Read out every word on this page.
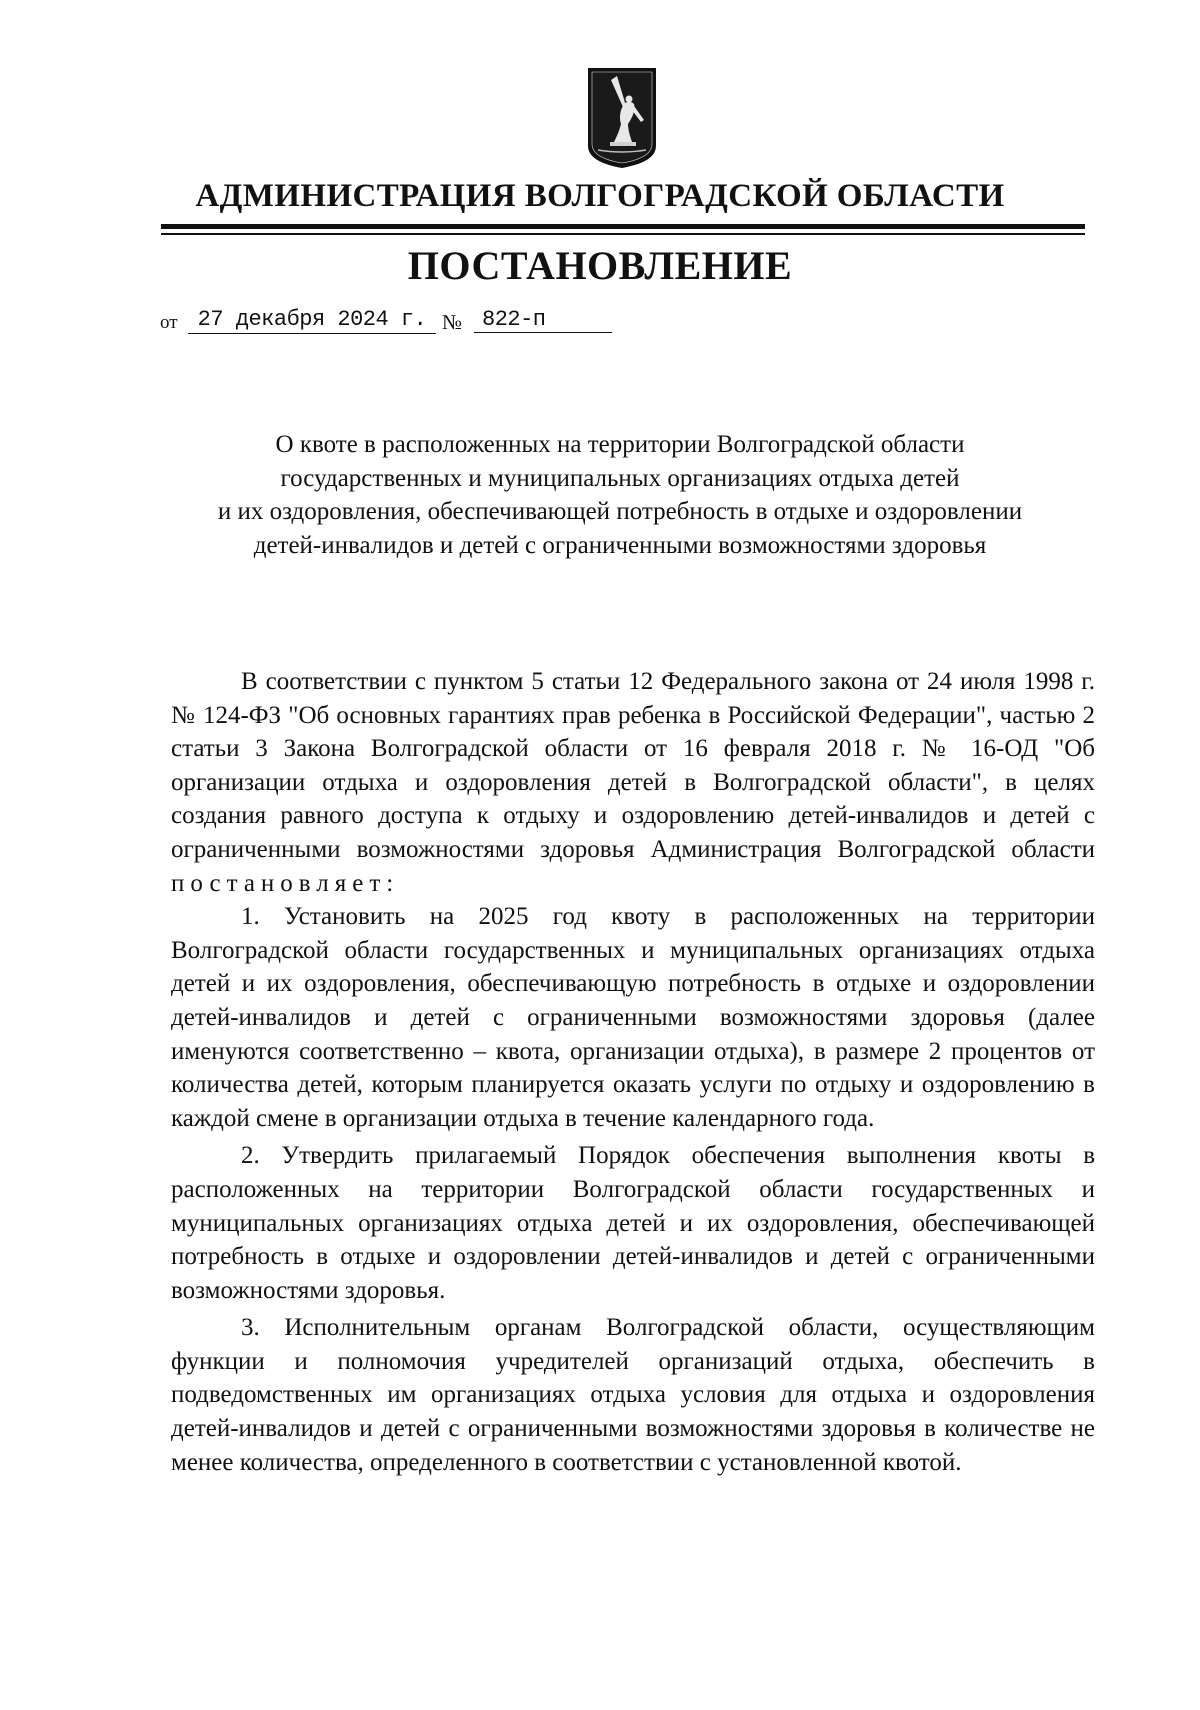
АДМИНИСТРАЦИЯ ВОЛГОГРАДСКОЙ ОБЛАСТИ
ПОСТАНОВЛЕНИЕ
от 27 декабря 2024 г. № 822-п
О квоте в расположенных на территории Волгоградской области
государственных и муниципальных организациях отдыха детей
и их оздоровления, обеспечивающей потребность в отдыхе и оздоровлении
детей-инвалидов и детей с ограниченными возможностями здоровья

В соответствии с пунктом 5 статьи 12 Федерального закона от 24 июля 1998 г. № 124-ФЗ "Об основных гарантиях прав ребенка в Российской Федерации", частью 2 статьи 3 Закона Волгоградской области от 16 февраля 2018 г. № 16-ОД "Об организации отдыха и оздоровления детей в Волгоградской области", в целях создания равного доступа к отдыху и оздоровлению детей-инвалидов и детей с ограниченными возможностями здоровья Администрация Волгоградской области постановляет:

1. Установить на 2025 год квоту в расположенных на территории Волгоградской области государственных и муниципальных организациях отдыха детей и их оздоровления, обеспечивающую потребность в отдыхе и оздоровлении детей-инвалидов и детей с ограниченными возможностями здоровья (далее именуются соответственно – квота, организации отдыха), в размере 2 процентов от количества детей, которым планируется оказать услуги по отдыху и оздоровлению в каждой смене в организации отдыха в течение календарного года.

2. Утвердить прилагаемый Порядок обеспечения выполнения квоты в расположенных на территории Волгоградской области государственных и муниципальных организациях отдыха детей и их оздоровления, обеспечивающей потребность в отдыхе и оздоровлении детей-инвалидов и детей с ограниченными возможностями здоровья.

3. Исполнительным органам Волгоградской области, осуществляющим функции и полномочия учредителей организаций отдыха, обеспечить в подведомственных им организациях отдыха условия для отдыха и оздоровления детей-инвалидов и детей с ограниченными возможностями здоровья в количестве не менее количества, определенного в соответствии с установленной квотой.
